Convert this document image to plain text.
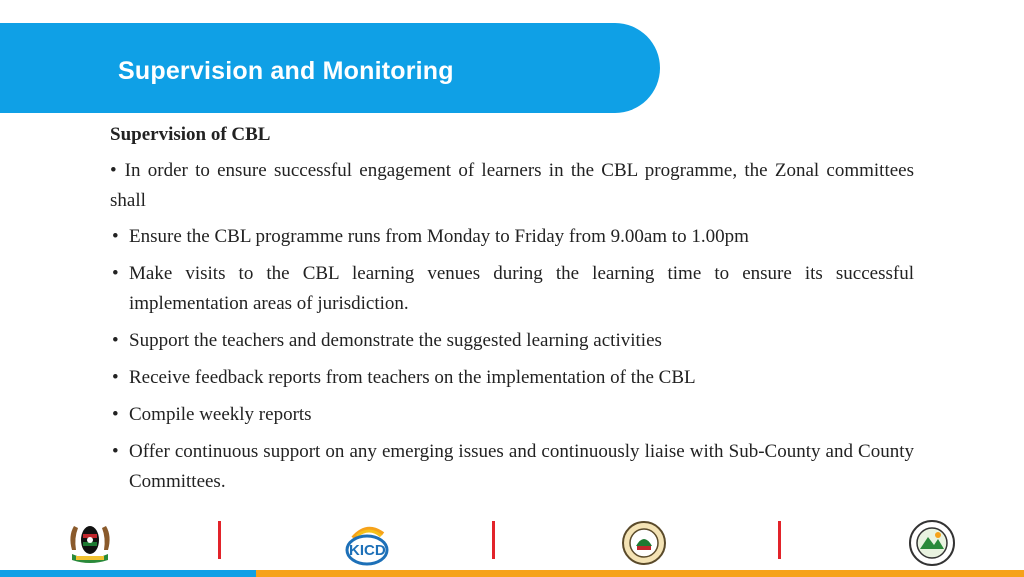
Supervision and Monitoring
Supervision of CBL
• In order to ensure successful engagement of learners in the CBL programme, the Zonal committees shall
• Ensure the CBL programme runs from Monday to Friday from 9.00am to 1.00pm
• Make visits to the CBL learning venues during the learning time to ensure its successful implementation areas of jurisdiction.
• Support the teachers and demonstrate the suggested learning activities
• Receive feedback reports from teachers on the implementation of the CBL
• Compile weekly reports
• Offer continuous support on any emerging issues and continuously liaise with Sub-County and County Committees.
KICD
